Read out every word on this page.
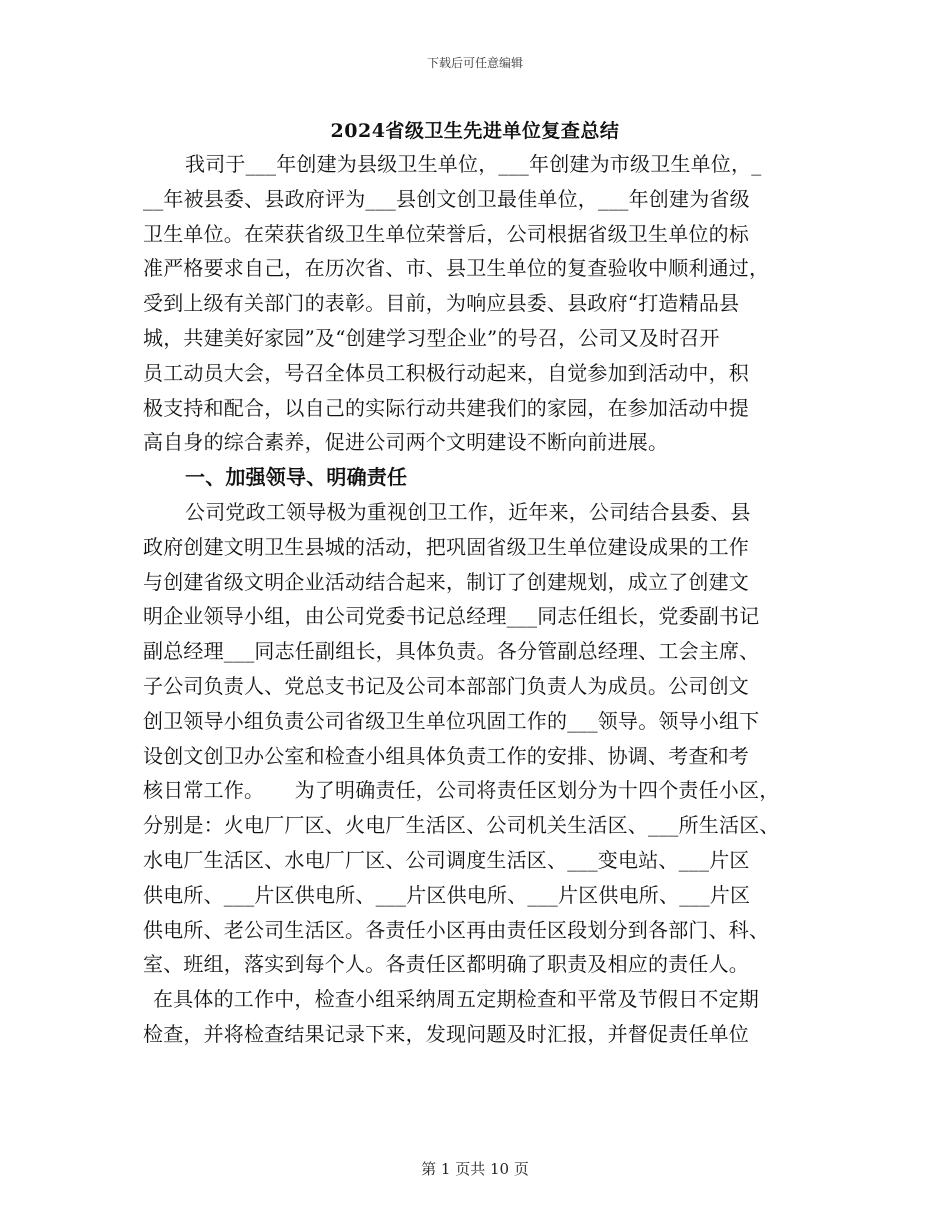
下载后可任意编辑
2024省级卫生先进单位复查总结
我司于___年创建为县级卫生单位，___年创建为市级卫生单位，_
__年被县委、县政府评为___县创文创卫最佳单位，___年创建为省级
卫生单位。在荣获省级卫生单位荣誉后，公司根据省级卫生单位的标
准严格要求自己，在历次省、市、县卫生单位的复查验收中顺利通过，
受到上级有关部门的表彰。目前，为响应县委、县政府“打造精品县
城，共建美好家园”及“创建学习型企业”的号召，公司又及时召开
员工动员大会，号召全体员工积极行动起来，自觉参加到活动中，积
极支持和配合，以自己的实际行动共建我们的家园，在参加活动中提
高自身的综合素养，促进公司两个文明建设不断向前进展。
一、加强领导、明确责任
公司党政工领导极为重视创卫工作，近年来，公司结合县委、县
政府创建文明卫生县城的活动，把巩固省级卫生单位建设成果的工作
与创建省级文明企业活动结合起来，制订了创建规划，成立了创建文
明企业领导小组，由公司党委书记总经理___同志任组长，党委副书记
副总经理___同志任副组长，具体负责。各分管副总经理、工会主席、
子公司负责人、党总支书记及公司本部部门负责人为成员。公司创文
创卫领导小组负责公司省级卫生单位巩固工作的___领导。领导小组下
设创文创卫办公室和检查小组具体负责工作的安排、协调、考查和考
核日常工作。　　为了明确责任，公司将责任区划分为十四个责任小区，
分别是：火电厂厂区、火电厂生活区、公司机关生活区、___所生活区、
水电厂生活区、水电厂厂区、公司调度生活区、___变电站、___片区
供电所、___片区供电所、___片区供电所、___片区供电所、___片区
供电所、老公司生活区。各责任小区再由责任区段划分到各部门、科、
室、班组，落实到每个人。各责任区都明确了职责及相应的责任人。
在具体的工作中，检查小组采纳周五定期检查和平常及节假日不定期
检查，并将检查结果记录下来，发现问题及时汇报，并督促责任单位
第 1 页共 10 页
